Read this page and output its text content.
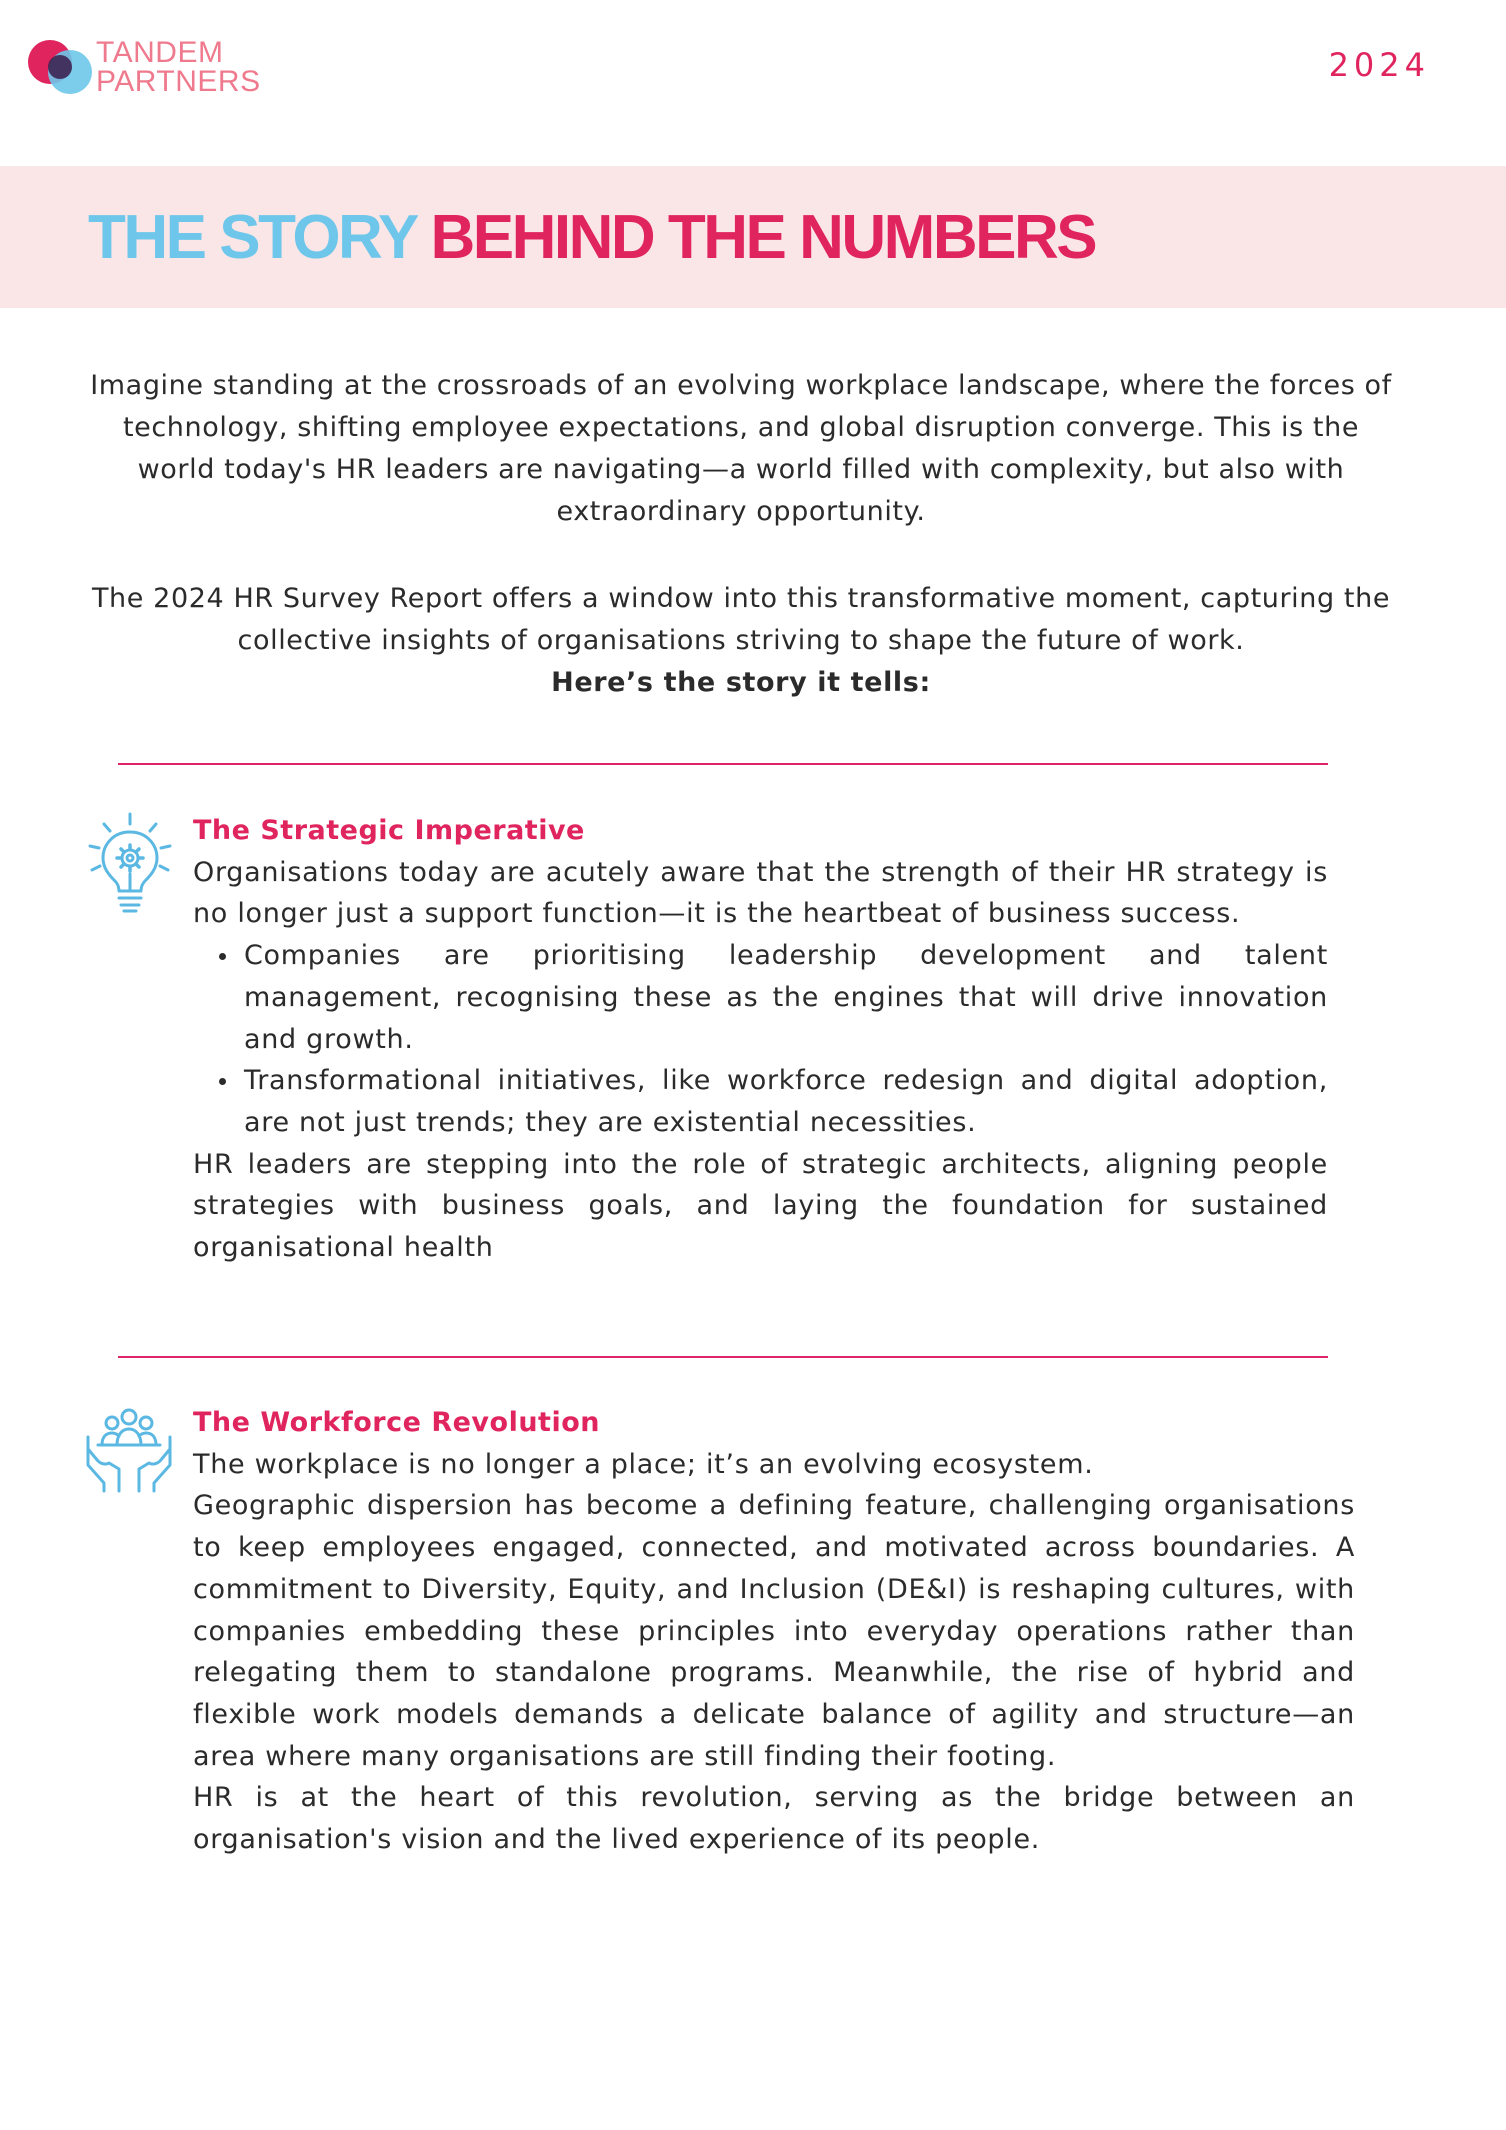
TANDEM
PARTNERS	2024
THE STORY BEHIND THE NUMBERS

Imagine standing at the crossroads of an evolving workplace landscape, where the forces of technology, shifting employee expectations, and global disruption converge. This is the world today's HR leaders are navigating—a world filled with complexity, but also with extraordinary opportunity.

The 2024 HR Survey Report offers a window into this transformative moment, capturing the collective insights of organisations striving to shape the future of work.
Here’s the story it tells:

The Strategic Imperative

Organisations today are acutely aware that the strength of their HR strategy is no longer just a support function—it is the heartbeat of business success.

Companies are prioritising leadership development and talent management, recognising these as the engines that will drive innovation and growth.
Transformational initiatives, like workforce redesign and digital adoption, are not just trends; they are existential necessities.

HR leaders are stepping into the role of strategic architects, aligning people strategies with business goals, and laying the foundation for sustained organisational health

The Workforce Revolution

The workplace is no longer a place; it’s an evolving ecosystem.

Geographic dispersion has become a defining feature, challenging organisations to keep employees engaged, connected, and motivated across boundaries. A commitment to Diversity, Equity, and Inclusion (DE&I) is reshaping cultures, with companies embedding these principles into everyday operations rather than relegating them to standalone programs. Meanwhile, the rise of hybrid and flexible work models demands a delicate balance of agility and structure—an area where many organisations are still finding their footing.

HR is at the heart of this revolution, serving as the bridge between an organisation's vision and the lived experience of its people.
